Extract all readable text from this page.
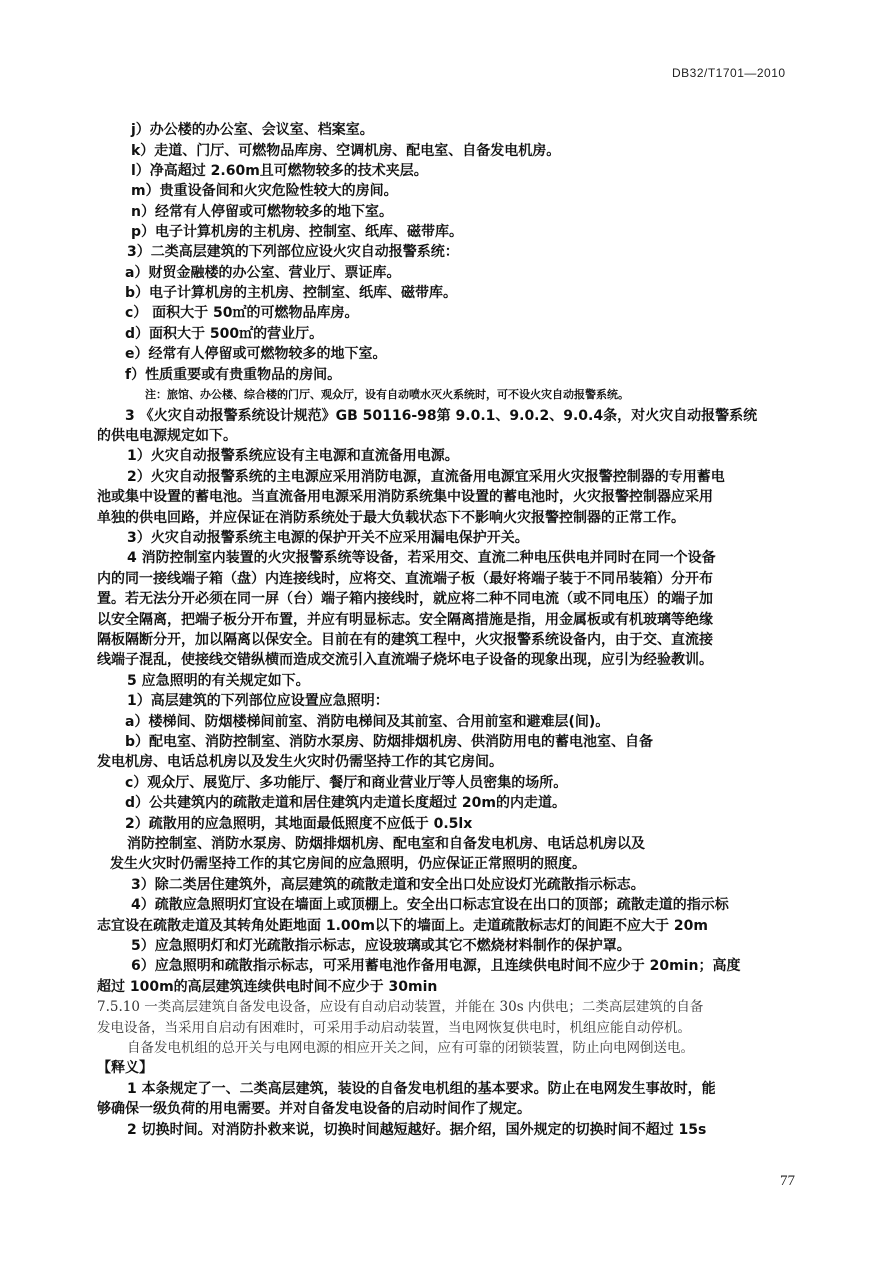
DB32/T1701—2010
j）办公楼的办公室、会议室、档案室。
k）走道、门厅、可燃物品库房、空调机房、配电室、自备发电机房。
l）净高超过 2.60m且可燃物较多的技术夹层。
m）贵重设备间和火灾危险性较大的房间。
n）经常有人停留或可燃物较多的地下室。
p）电子计算机房的主机房、控制室、纸库、磁带库。
3）二类高层建筑的下列部位应设火灾自动报警系统：
a）财贸金融楼的办公室、营业厅、票证库。
b）电子计算机房的主机房、控制室、纸库、磁带库。
c） 面积大于 50㎡的可燃物品库房。
d）面积大于 500㎡的营业厅。
e）经常有人停留或可燃物较多的地下室。
f）性质重要或有贵重物品的房间。
注：旅馆、办公楼、综合楼的门厅、观众厅，设有自动喷水灭火系统时，可不设火灾自动报警系统。
3 《火灾自动报警系统设计规范》GB 50116-98第 9.0.1、9.0.2、9.0.4条，对火灾自动报警系统
的供电电源规定如下。
1）火灾自动报警系统应设有主电源和直流备用电源。
2）火灾自动报警系统的主电源应采用消防电源，直流备用电源宜采用火灾报警控制器的专用蓄电
池或集中设置的蓄电池。当直流备用电源采用消防系统集中设置的蓄电池时，火灾报警控制器应采用
单独的供电回路，并应保证在消防系统处于最大负载状态下不影响火灾报警控制器的正常工作。
3）火灾自动报警系统主电源的保护开关不应采用漏电保护开关。
4 消防控制室内装置的火灾报警系统等设备，若采用交、直流二种电压供电并同时在同一个设备
内的同一接线端子箱（盘）内连接线时，应将交、直流端子板（最好将端子装于不同吊装箱）分开布
置。若无法分开必须在同一屏（台）端子箱内接线时，就应将二种不同电流（或不同电压）的端子加
以安全隔离，把端子板分开布置，并应有明显标志。安全隔离措施是指，用金属板或有机玻璃等绝缘
隔板隔断分开，加以隔离以保安全。目前在有的建筑工程中，火灾报警系统设备内，由于交、直流接
线端子混乱，使接线交错纵横而造成交流引入直流端子烧坏电子设备的现象出现，应引为经验教训。
5 应急照明的有关规定如下。
1）高层建筑的下列部位应设置应急照明：
a）楼梯间、防烟楼梯间前室、消防电梯间及其前室、合用前室和避难层(间)。
b）配电室、消防控制室、消防水泵房、防烟排烟机房、供消防用电的蓄电池室、自备
发电机房、电话总机房以及发生火灾时仍需坚持工作的其它房间。
c）观众厅、展览厅、多功能厅、餐厅和商业营业厅等人员密集的场所。
d）公共建筑内的疏散走道和居住建筑内走道长度超过 20m的内走道。
2）疏散用的应急照明，其地面最低照度不应低于 0.5lx
消防控制室、消防水泵房、防烟排烟机房、配电室和自备发电机房、电话总机房以及
发生火灾时仍需坚持工作的其它房间的应急照明，仍应保证正常照明的照度。
3）除二类居住建筑外，高层建筑的疏散走道和安全出口处应设灯光疏散指示标志。
4）疏散应急照明灯宜设在墙面上或顶棚上。安全出口标志宜设在出口的顶部；疏散走道的指示标
志宜设在疏散走道及其转角处距地面 1.00m以下的墙面上。走道疏散标志灯的间距不应大于 20m
5）应急照明灯和灯光疏散指示标志，应设玻璃或其它不燃烧材料制作的保护罩。
6）应急照明和疏散指示标志，可采用蓄电池作备用电源，且连续供电时间不应少于 20min；高度
超过 100m的高层建筑连续供电时间不应少于 30min
7.5.10 一类高层建筑自备发电设备，应设有自动启动装置，并能在 30s 内供电；二类高层建筑的自备
发电设备，当采用自启动有困难时，可采用手动启动装置，当电网恢复供电时，机组应能自动停机。
自备发电机组的总开关与电网电源的相应开关之间，应有可靠的闭锁装置，防止向电网倒送电。
【释义】
1 本条规定了一、二类高层建筑，装设的自备发电机组的基本要求。防止在电网发生事故时，能
够确保一级负荷的用电需要。并对自备发电设备的启动时间作了规定。
2 切换时间。对消防扑救来说，切换时间越短越好。据介绍，国外规定的切换时间不超过 15s
77
